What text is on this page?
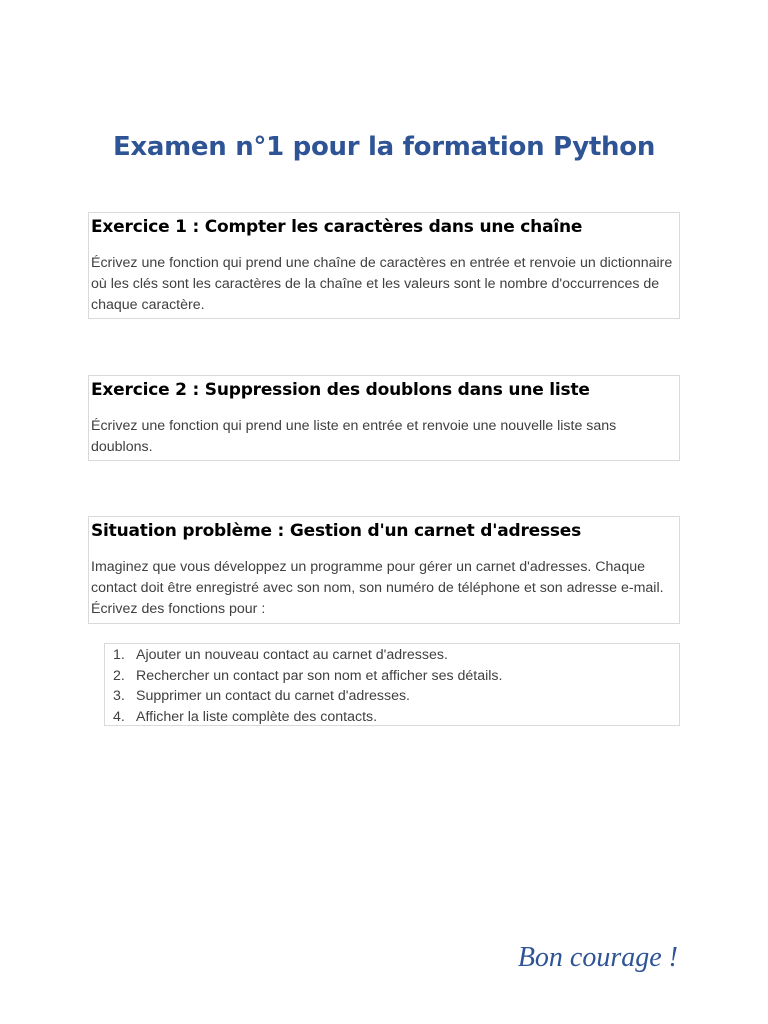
Examen n°1 pour la formation Python
Exercice 1 : Compter les caractères dans une chaîne

Écrivez une fonction qui prend une chaîne de caractères en entrée et renvoie un dictionnaire où les clés sont les caractères de la chaîne et les valeurs sont le nombre d'occurrences de chaque caractère.

Exercice 2 : Suppression des doublons dans une liste

Écrivez une fonction qui prend une liste en entrée et renvoie une nouvelle liste sans doublons.

Situation problème : Gestion d'un carnet d'adresses

Imaginez que vous développez un programme pour gérer un carnet d'adresses. Chaque contact doit être enregistré avec son nom, son numéro de téléphone et son adresse e-mail. Écrivez des fonctions pour :

1. Ajouter un nouveau contact au carnet d'adresses.
2. Rechercher un contact par son nom et afficher ses détails.
3. Supprimer un contact du carnet d'adresses.
4. Afficher la liste complète des contacts.
Bon courage !
